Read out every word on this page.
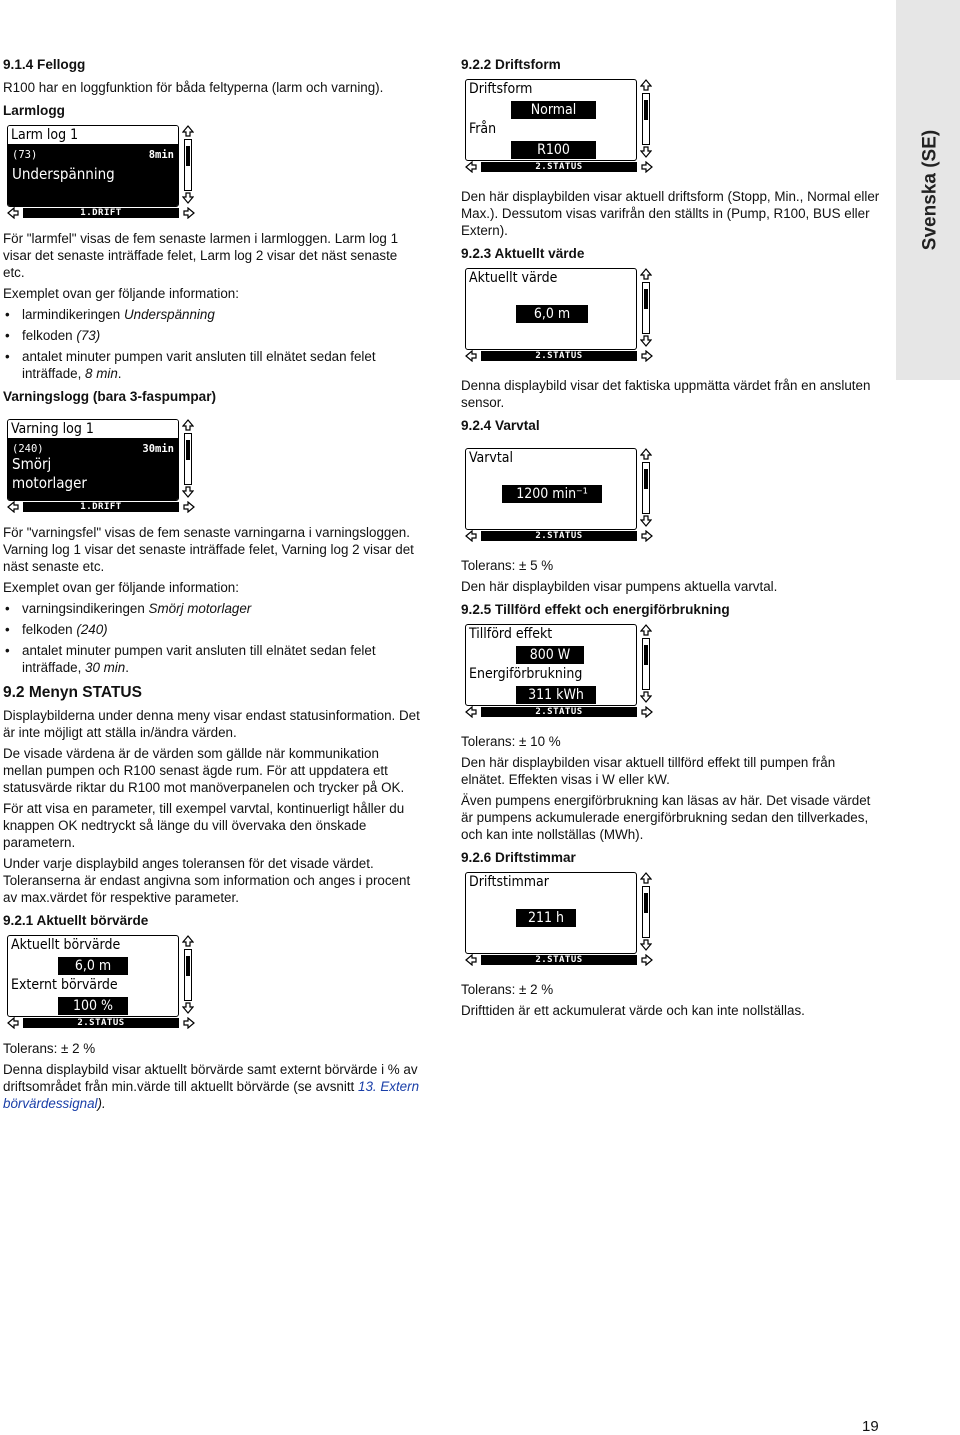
Svenska (SE)
9.1.4 Fellogg

R100 har en loggfunktion för båda feltyperna (larm och varning).

Larmlogg
Larm log 1
(73)	8min
Underspänning
1.DRIFT

För "larmfel" visas de fem senaste larmen i larmloggen. Larm log 1 visar det senaste inträffade felet, Larm log 2 visar det näst senaste etc.

Exemplet ovan ger följande information:

• larmindikeringen Underspänning
• felkoden (73)
• antalet minuter pumpen varit ansluten till elnätet sedan felet inträffade, 8 min.
Varningslogg (bara 3-faspumpar)
Varning log 1
(240)	30min
Smörj
motorlager
1.DRIFT

För "varningsfel" visas de fem senaste varningarna i varningsloggen. Varning log 1 visar det senaste inträffade felet, Varning log 2 visar det näst senaste etc.

Exemplet ovan ger följande information:

• varningsindikeringen Smörj motorlager
• felkoden (240)
• antalet minuter pumpen varit ansluten till elnätet sedan felet inträffade, 30 min.
9.2 Menyn STATUS

Displaybilderna under denna meny visar endast statusinformation. Det är inte möjligt att ställa in/ändra värden.

De visade värdena är de värden som gällde när kommunikation mellan pumpen och R100 senast ägde rum. För att uppdatera ett statusvärde riktar du R100 mot manöverpanelen och trycker på OK.

För att visa en parameter, till exempel varvtal, kontinuerligt håller du knappen OK nedtryckt så länge du vill övervaka den önskade parametern.

Under varje displaybild anges toleransen för det visade värdet. Toleranserna är endast angivna som information och anges i procent av max.värdet för respektive parameter.

9.2.1 Aktuellt börvärde
Aktuellt börvärde
6,0 m
Externt börvärde
100 %
2.STATUS

Tolerans: ± 2 %

Denna displaybild visar aktuellt börvärde samt externt börvärde i % av driftsområdet från min.värde till aktuellt börvärde (se avsnitt 13. Extern börvärdessignal).

9.2.2 Driftsform
Driftsform
Normal
Från
R100
2.STATUS

Den här displaybilden visar aktuell driftsform (Stopp, Min., Normal eller Max.). Dessutom visas varifrån den ställts in (Pump, R100, BUS eller Extern).

9.2.3 Aktuellt värde
Aktuellt värde
6,0 m
2.STATUS

Denna displaybild visar det faktiska uppmätta värdet från en ansluten sensor.

9.2.4 Varvtal
Varvtal
1200 min⁻¹
2.STATUS

Tolerans: ± 5 %

Den här displaybilden visar pumpens aktuella varvtal.

9.2.5 Tillförd effekt och energiförbrukning
Tillförd effekt
800 W
Energiförbrukning
311 kWh
2.STATUS

Tolerans: ± 10 %

Den här displaybilden visar aktuell tillförd effekt till pumpen från elnätet. Effekten visas i W eller kW.

Även pumpens energiförbrukning kan läsas av här. Det visade värdet är pumpens ackumulerade energiförbrukning sedan den tillverkades, och kan inte nollställas (MWh).

9.2.6 Driftstimmar
Driftstimmar
211 h
2.STATUS

Tolerans: ± 2 %

Drifttiden är ett ackumulerat värde och kan inte nollställas.

19
